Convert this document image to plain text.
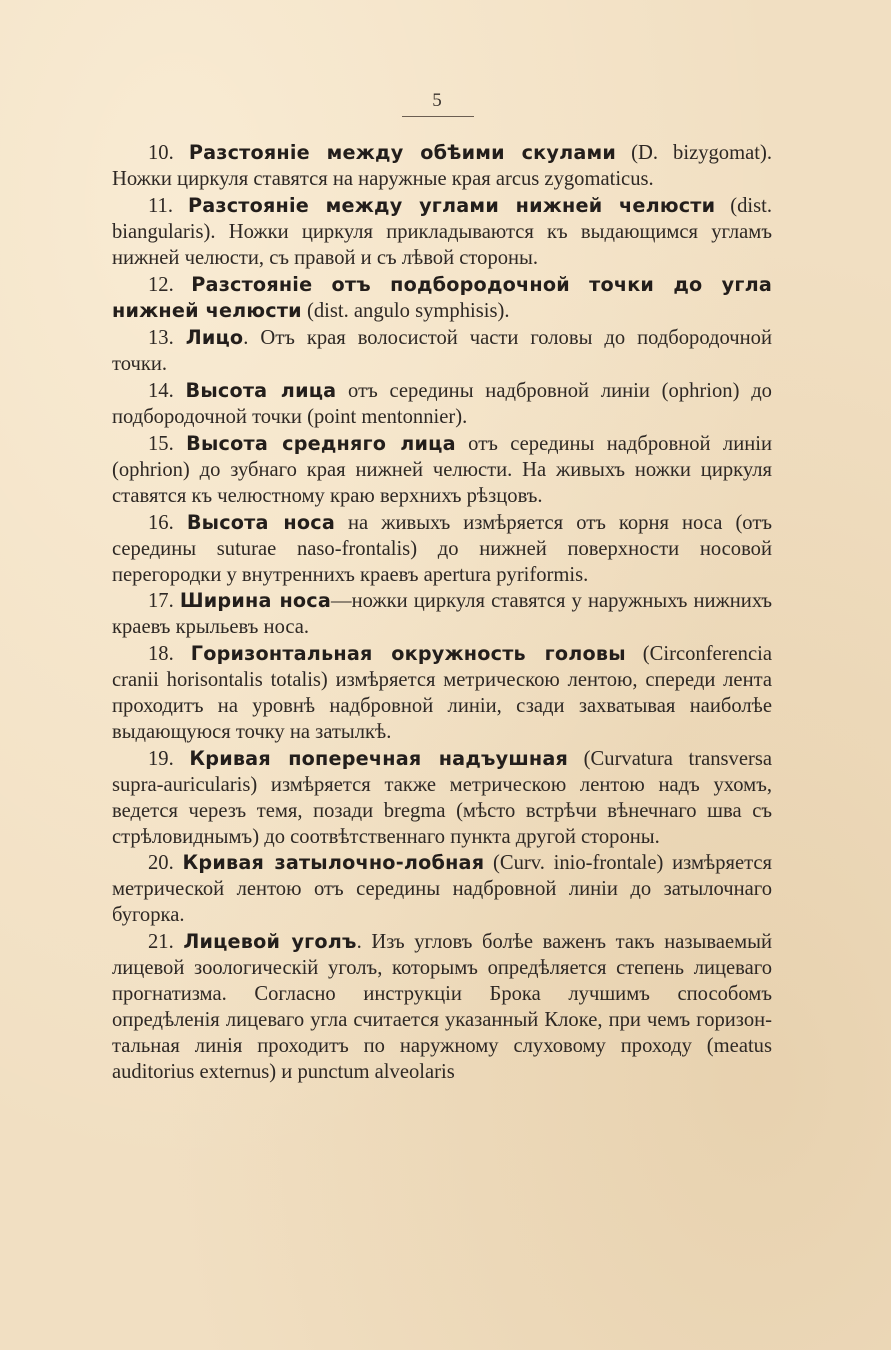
5

10. Разстоянiе между обѣими скулами (D. bizygomat). Ножки циркуля ставятся на наружные края arcus zygomaticus.

11. Разстоянiе между углами нижней челюсти (dist. biangularis). Ножки циркуля прикладываются къ выдающимся угламъ нижней челюсти, съ правой и съ лѣвой стороны.

12. Разстоянiе отъ подбородочной точки до угла нижней челюсти (dist. angulo symphisis).

13. Лицо. Отъ края волосистой части головы до подбородочной точки.

14. Высота лица отъ середины надбровной линiи (ophrion) до подбородочной точки (point mentonnier).

15. Высота средняго лица отъ середины надбровной линiи (ophrion) до зубнаго края нижней челюсти. На живыхъ ножки циркуля ставятся къ челюстному краю верхнихъ рѣзцовъ.

16. Высота носа на живыхъ измѣряется отъ корня носа (отъ середины suturae naso-frontalis) до нижней поверхности носовой перегородки у внутреннихъ краевъ apertura pyriformis.

17. Ширина носа—ножки циркуля ставятся у наружныхъ нижнихъ краевъ крыльевъ носа.

18. Горизонтальная окружность головы (Circonferencia cranii horisontalis totalis) измѣряется метрическою лентою, спереди лента проходитъ на уровнѣ надбровной линiи, сзади захватывая наиболѣе выдающуюся точку на затылкѣ.

19. Кривая поперечная надъушная (Curvatura transversa supra-auricularis) измѣряется также метрическою лентою надъ ухомъ, ведется черезъ темя, позади bregma (мѣсто встрѣчи вѣнечнаго шва съ стрѣловиднымъ) до соотвѣтственнаго пункта другой стороны.

20. Кривая затылочно-лобная (Curv. inio-frontale) измѣряется метрической лентою отъ середины надбровной линiи до затылочнаго бугорка.

21. Лицевой уголъ. Изъ угловъ болѣе важенъ такъ называемый лицевой зоологическiй уголъ, которымъ опредѣляется степень лицеваго прогнатизма. Согласно инструкцiи Брока лучшимъ способомъ опредѣленiя лицеваго угла считается указанный Клоке, при чемъ горизонтальная линiя проходитъ по наружному слуховому проходу (meatus auditorius externus) и punctum alveolaris
